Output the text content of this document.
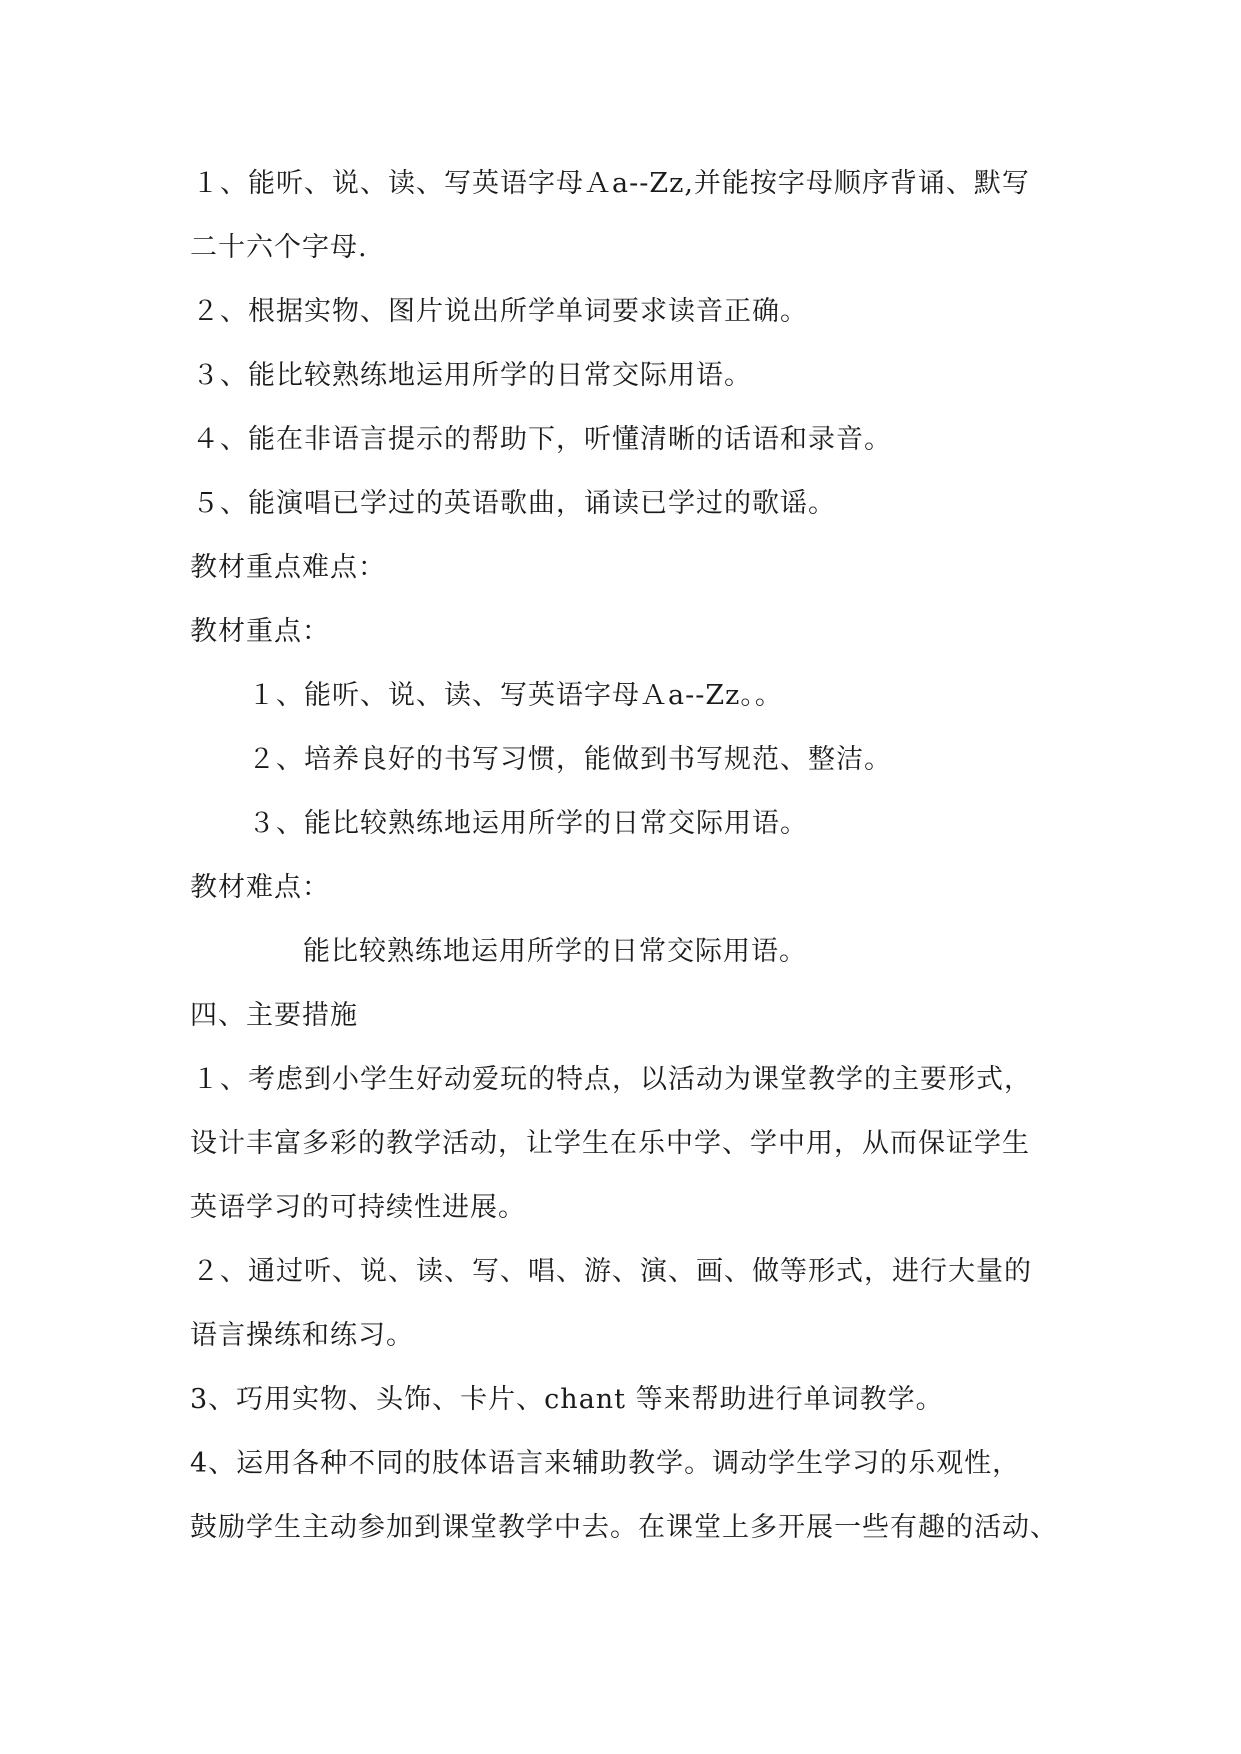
１、能听、说、读、写英语字母Ａa--Zz,并能按字母顺序背诵、默写
二十六个字母.
２、根据实物、图片说出所学单词要求读音正确。
３、能比较熟练地运用所学的日常交际用语。
４、能在非语言提示的帮助下，听懂清晰的话语和录音。
５、能演唱已学过的英语歌曲，诵读已学过的歌谣。
教材重点难点：
教材重点：
１、能听、说、读、写英语字母Ａa--Zz。。
２、培养良好的书写习惯，能做到书写规范、整洁。
３、能比较熟练地运用所学的日常交际用语。
教材难点：
能比较熟练地运用所学的日常交际用语。
四、主要措施
１、考虑到小学生好动爱玩的特点，以活动为课堂教学的主要形式，
设计丰富多彩的教学活动，让学生在乐中学、学中用，从而保证学生
英语学习的可持续性进展。
２、通过听、说、读、写、唱、游、演、画、做等形式，进行大量的
语言操练和练习。
3、巧用实物、头饰、卡片、chant 等来帮助进行单词教学。
4、运用各种不同的肢体语言来辅助教学。调动学生学习的乐观性，
鼓励学生主动参加到课堂教学中去。在课堂上多开展一些有趣的活动、
